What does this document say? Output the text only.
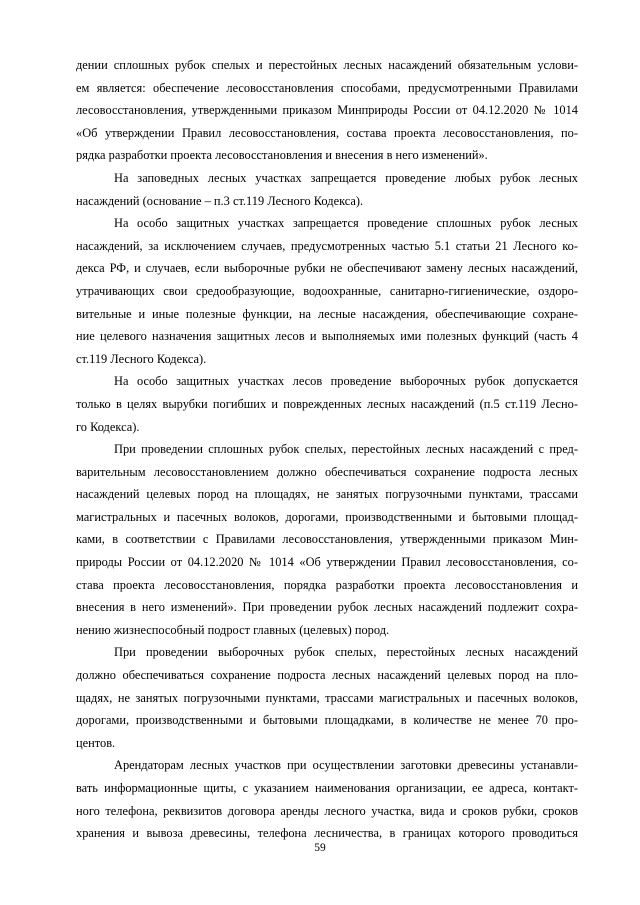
дении сплошных рубок спелых и перестойных лесных насаждений обязательным услови-
ем является: обеспечение лесовосстановления способами, предусмотренными Правилами
лесовосстановления, утвержденными приказом Минприроды России от 04.12.2020 № 1014
«Об утверждении Правил лесовосстановления, состава проекта лесовосстановления, по-
рядка разработки проекта лесовосстановления и внесения в него изменений».
На заповедных лесных участках запрещается проведение любых рубок лесных
насаждений (основание – п.3 ст.119 Лесного Кодекса).
На особо защитных участках запрещается проведение сплошных рубок лесных
насаждений, за исключением случаев, предусмотренных частью 5.1 статьи 21 Лесного ко-
декса РФ, и случаев, если выборочные рубки не обеспечивают замену лесных насаждений,
утрачивающих свои средообразующие, водоохранные, санитарно-гигиенические, оздоро-
вительные и иные полезные функции, на лесные насаждения, обеспечивающие сохране-
ние целевого назначения защитных лесов и выполняемых ими полезных функций (часть 4
ст.119 Лесного Кодекса).
На особо защитных участках лесов проведение выборочных рубок допускается
только в целях вырубки погибших и поврежденных лесных насаждений (п.5 ст.119 Лесно-
го Кодекса).
При проведении сплошных рубок спелых, перестойных лесных насаждений с пред-
варительным лесовосстановлением должно обеспечиваться сохранение подроста лесных
насаждений целевых пород на площадях, не занятых погрузочными пунктами, трассами
магистральных и пасечных волоков, дорогами, производственными и бытовыми площад-
ками, в соответствии с Правилами лесовосстановления, утвержденными приказом Мин-
природы России от 04.12.2020 № 1014 «Об утверждении Правил лесовосстановления, со-
става проекта лесовосстановления, порядка разработки проекта лесовосстановления и
внесения в него изменений». При проведении рубок лесных насаждений подлежит сохра-
нению жизнеспособный подрост главных (целевых) пород.
При проведении выборочных рубок спелых, перестойных лесных насаждений
должно обеспечиваться сохранение подроста лесных насаждений целевых пород на пло-
щадях, не занятых погрузочными пунктами, трассами магистральных и пасечных волоков,
дорогами, производственными и бытовыми площадками, в количестве не менее 70 про-
центов.
Арендаторам лесных участков при осуществлении заготовки древесины устанавли-
вать информационные щиты, с указанием наименования организации, ее адреса, контакт-
ного телефона, реквизитов договора аренды лесного участка, вида и сроков рубки, сроков
хранения и вывоза древесины, телефона лесничества, в границах которого проводиться
59
